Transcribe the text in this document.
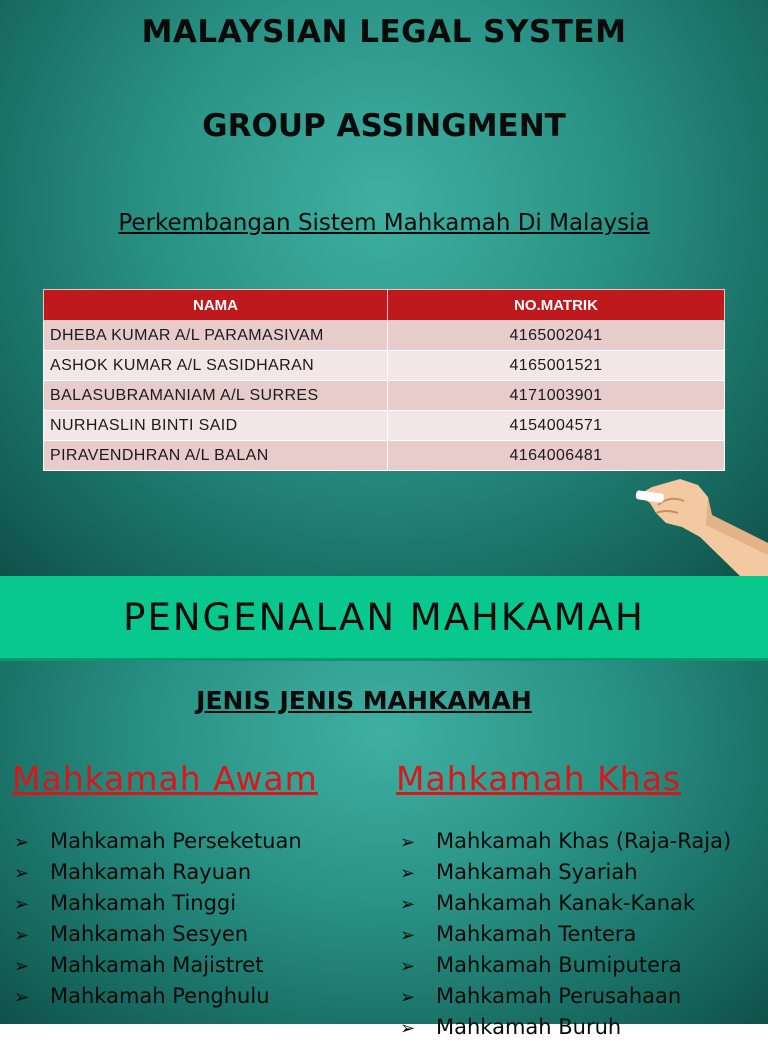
MALAYSIAN LEGAL SYSTEM
GROUP ASSINGMENT
Perkembangan Sistem Mahkamah Di Malaysia
NAMA	NO.MATRIK
DHEBA KUMAR A/L PARAMASIVAM	4165002041
ASHOK KUMAR A/L SASIDHARAN	4165001521
BALASUBRAMANIAM A/L SURRES	4171003901
NURHASLIN BINTI SAID	4154004571
PIRAVENDHRAN A/L BALAN	4164006481
PENGENALAN MAHKAMAH
JENIS JENIS MAHKAMAH
Mahkamah Awam Mahkamah Khas
➢ Mahkamah Perseketuan
➢ Mahkamah Rayuan
➢ Mahkamah Tinggi
➢ Mahkamah Sesyen
➢ Mahkamah Majistret
➢ Mahkamah Penghulu
➢ Mahkamah Khas (Raja-Raja)
➢ Mahkamah Syariah
➢ Mahkamah Kanak-Kanak
➢ Mahkamah Tentera
➢ Mahkamah Bumiputera
➢ Mahkamah Perusahaan
➢ Mahkamah Buruh
